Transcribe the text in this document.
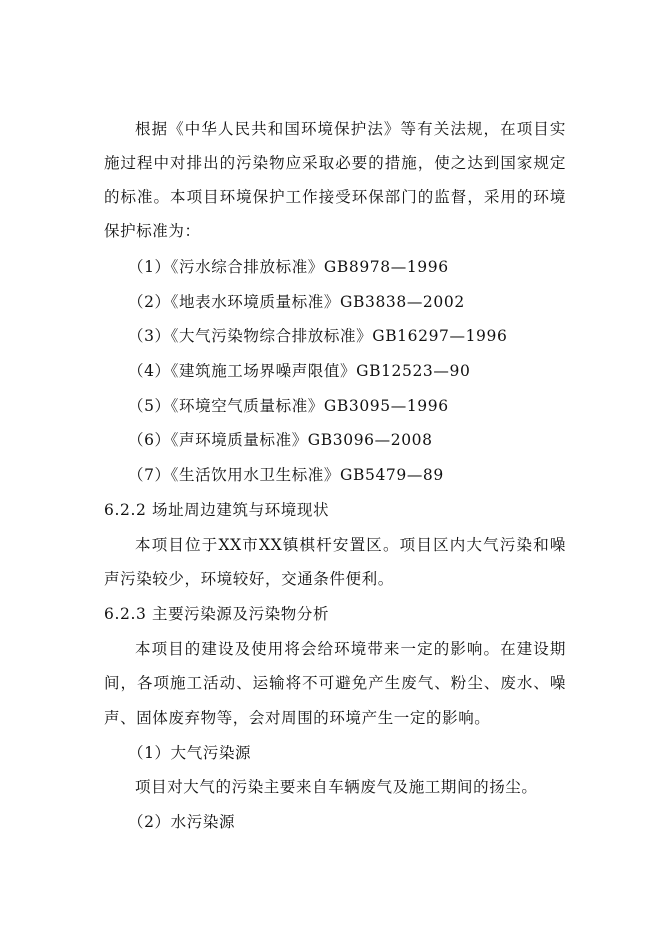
根据《中华人民共和国环境保护法》等有关法规，在项目实
施过程中对排出的污染物应采取必要的措施，使之达到国家规定
的标准。本项目环境保护工作接受环保部门的监督，采用的环境
保护标准为：
（1）《污水综合排放标准》GB8978—1996
（2）《地表水环境质量标准》GB3838—2002
（3）《大气污染物综合排放标准》GB16297—1996
（4）《建筑施工场界噪声限值》GB12523—90
（5）《环境空气质量标准》GB3095—1996
（6）《声环境质量标准》GB3096—2008
（7）《生活饮用水卫生标准》GB5479—89
6.2.2 场址周边建筑与环境现状
本项目位于XX市XX镇棋杆安置区。项目区内大气污染和噪
声污染较少，环境较好，交通条件便利。
6.2.3 主要污染源及污染物分析
本项目的建设及使用将会给环境带来一定的影响。在建设期
间，各项施工活动、运输将不可避免产生废气、粉尘、废水、噪
声、固体废弃物等，会对周围的环境产生一定的影响。
（1）大气污染源
项目对大气的污染主要来自车辆废气及施工期间的扬尘。
（2）水污染源
